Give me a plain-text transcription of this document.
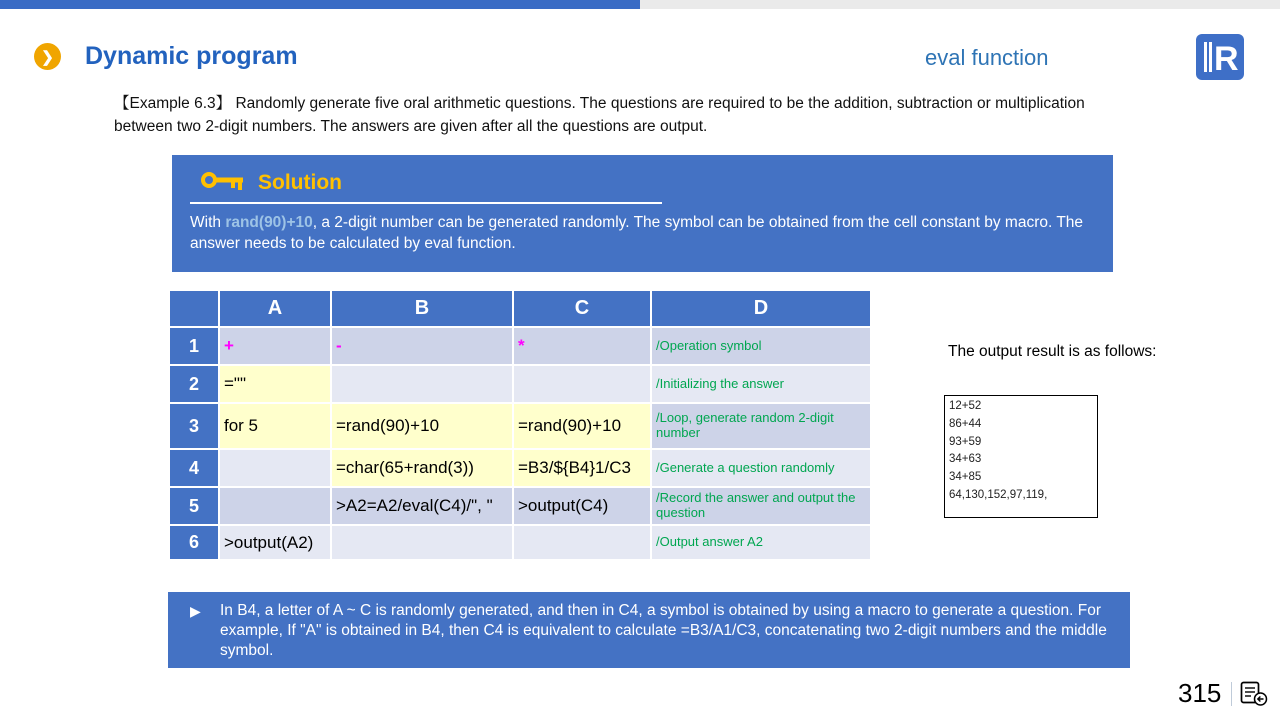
❯ Dynamic program	eval function	R
【Example 6.3】 Randomly generate five oral arithmetic questions. The questions are required to be the addition, subtraction or multiplication between two 2-digit numbers. The answers are given after all the questions are output.
Solution
With rand(90)+10, a 2-digit number can be generated randomly. The symbol can be obtained from the cell constant by macro. The answer needs to be calculated by eval function.
	A	B	C	D
1	+	-	*	/Operation symbol
2	=""			/Initializing the answer
3	for 5	=rand(90)+10	=rand(90)+10	/Loop, generate random 2-digit number
4		=char(65+rand(3))	=B3/${B4}1/C3	/Generate a question randomly
5		>A2=A2/eval(C4)/", "	>output(C4)	/Record the answer and output the question
6	>output(A2)			/Output answer A2
The output result is as follows:
12+52
86+44
93+59
34+63
34+85
64,130,152,97,119,
▶ In B4, a letter of A ~ C is randomly generated, and then in C4, a symbol is obtained by using a macro to generate a question. For example, If "A" is obtained in B4, then C4 is equivalent to calculate =B3/A1/C3, concatenating two 2-digit numbers and the middle symbol.
315
